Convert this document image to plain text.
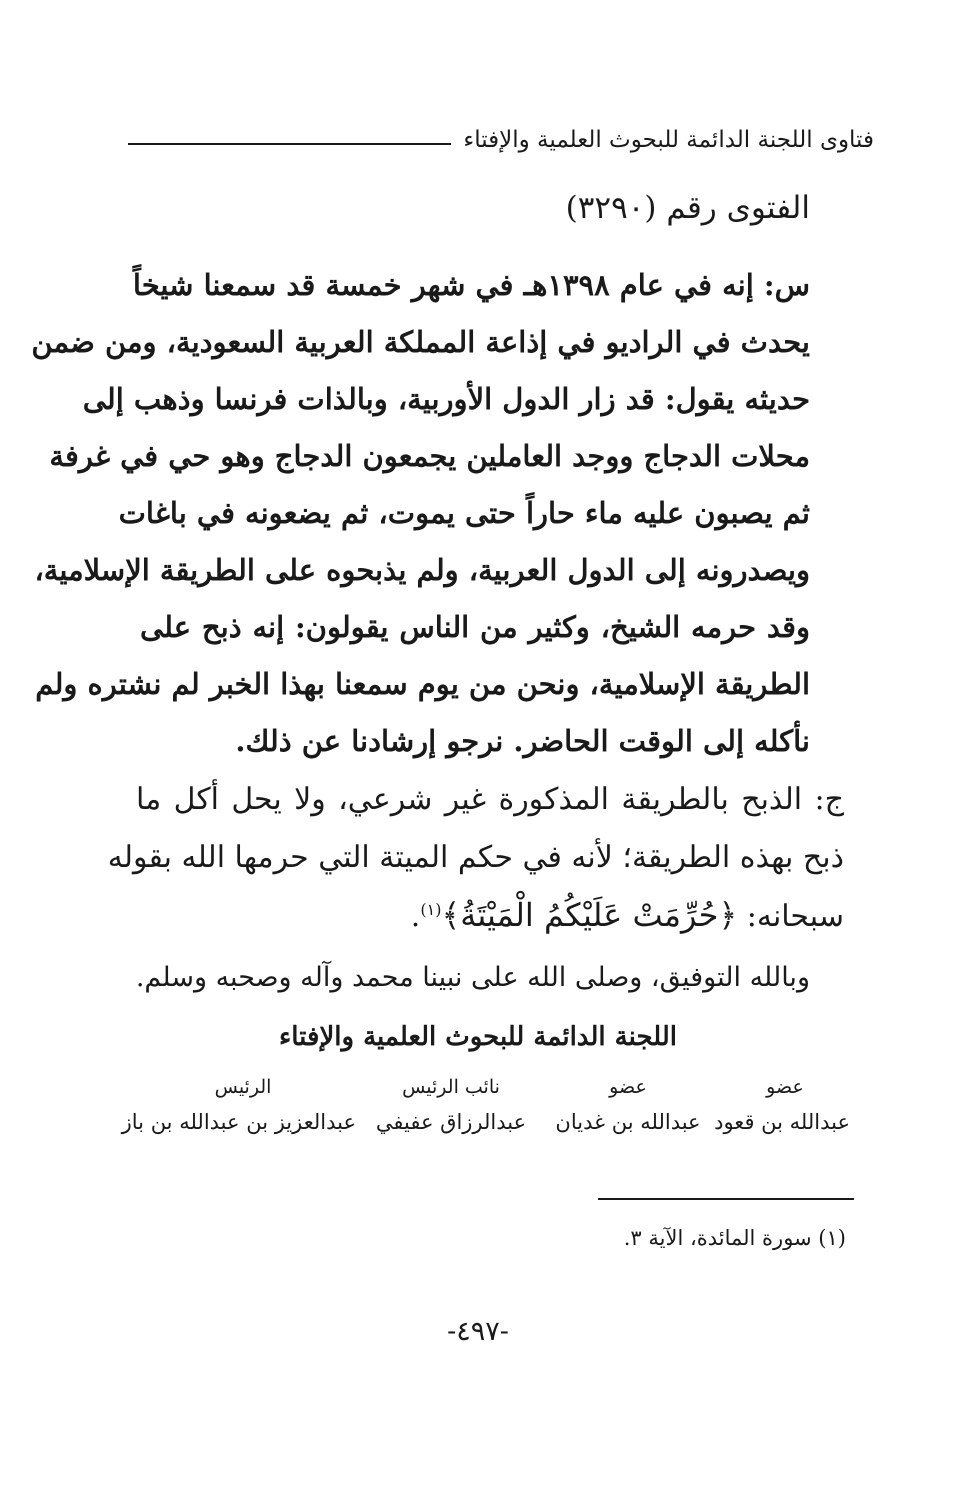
فتاوى اللجنة الدائمة للبحوث العلمية والإفتاء
الفتوى رقم (٣٢٩٠)
س: إنه في عام ١٣٩٨هـ في شهر خمسة قد سمعنا شيخاً
يحدث في الراديو في إذاعة المملكة العربية السعودية، ومن ضمن
حديثه يقول: قد زار الدول الأوربية، وبالذات فرنسا وذهب إلى
محلات الدجاج ووجد العاملين يجمعون الدجاج وهو حي في غرفة
ثم يصبون عليه ماء حاراً حتى يموت، ثم يضعونه في باغات
ويصدرونه إلى الدول العربية، ولم يذبحوه على الطريقة الإسلامية،
وقد حرمه الشيخ، وكثير من الناس يقولون: إنه ذبح على
الطريقة الإسلامية، ونحن من يوم سمعنا بهذا الخبر لم نشتره ولم
نأكله إلى الوقت الحاضر. نرجو إرشادنا عن ذلك.
ج: الذبح بالطريقة المذكورة غير شرعي، ولا يحل أكل ما
ذبح بهذه الطريقة؛ لأنه في حكم الميتة التي حرمها الله بقوله
سبحانه: ﴿حُرِّمَتْ عَلَيْكُمُ الْمَيْتَةُ﴾$^{(١)}$.
وبالله التوفيق، وصلى الله على نبينا محمد وآله وصحبه وسلم.
اللجنة الدائمة للبحوث العلمية والإفتاء
عضو
عبدالله بن قعود
عضو
عبدالله بن غديان
نائب الرئيس
عبدالرزاق عفيفي
الرئيس
عبدالعزيز بن عبدالله بن باز
(١) سورة المائدة، الآية ٣.
-٤٩٧-
